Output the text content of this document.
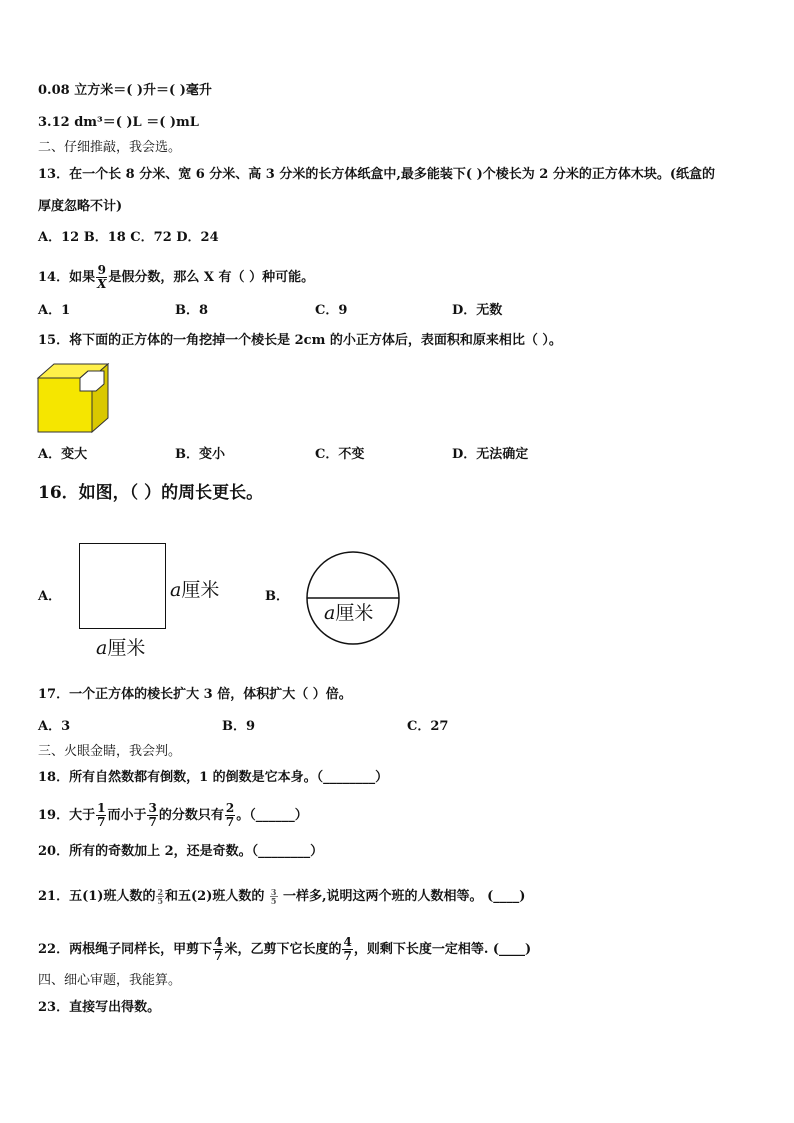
0.08 立方米＝( )升＝( )毫升
3.12 dm³＝( )L ＝( )mL
二、仔细推敲，我会选。
13．在一个长 8 分米、宽 6 分米、高 3 分米的长方体纸盒中,最多能装下( )个棱长为 2 分米的正方体木块。(纸盒的
厚度忽略不计)
A．12 B．18 C．72 D．24
14．如果 $\frac{9}{X}$ 是假分数，那么 X 有（ ）种可能。
A．1	B．8	C．9	D．无数
15．将下面的正方体的一角挖掉一个棱长是 2cm 的小正方体后，表面积和原来相比（ ）。
A．变大	B．变小	C．不变	D．无法确定
16．如图，（ ）的周长更长。
A．	a厘米
a厘米
B．
a厘米
17．一个正方体的棱长扩大 3 倍，体积扩大（ ）倍。
A．3	B．9	C．27
三、火眼金睛，我会判。
18．所有自然数都有倒数，1 的倒数是它本身。（________）
19．大于 $\frac{1}{7}$ 而小于 $\frac{3}{7}$ 的分数只有 $\frac{2}{7}$ 。（______）
20．所有的奇数加上 2，还是奇数。（________）
21．五(1)班人数的 $\frac{2}{5}$ 和五(2)班人数的 $\frac{3}{5}$ 一样多,说明这两个班的人数相等。 (____)
22．两根绳子同样长，甲剪下 $\frac{4}{7}$ 米，乙剪下它长度的 $\frac{4}{7}$ ，则剩下长度一定相等. (____)
四、细心审题，我能算。
23．直接写出得数。
